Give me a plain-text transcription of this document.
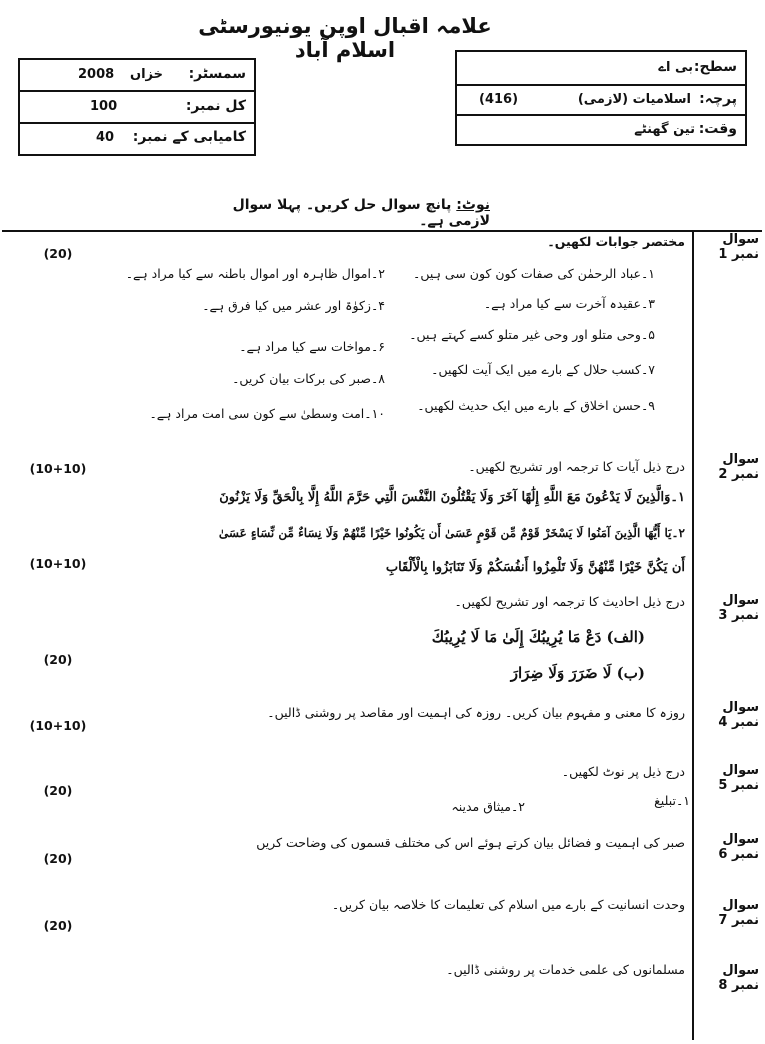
علامہ اقبال اوپن یونیورسٹی اسلام آباد
سمسٹر:
خزاں
2008
کل نمبر:
100
کامیابی کے نمبر:
40
سطح:
بی اے
پرچہ:
اسلامیات (لازمی)
(416)
وقت:
تین گھنٹے
نوٹ: پانچ سوال حل کریں۔ پہلا سوال لازمی ہے۔
سوال نمبر 1
(20)
مختصر جوابات لکھیں۔
۱۔عباد الرحمٰن کی صفات کون کون سی ہیں۔
۳۔عقیدہ آخرت سے کیا مراد ہے۔
۵۔وحی متلو اور وحی غیر متلو کسے کہتے ہیں۔
۷۔کسب حلال کے بارے میں ایک آیت لکھیں۔
۹۔حسن اخلاق کے بارے میں ایک حدیث لکھیں۔
۲۔اموال ظاہرہ اور اموال باطنہ سے کیا مراد ہے۔
۴۔زکوٰۃ اور عشر میں کیا فرق ہے۔
۶۔مواخات سے کیا مراد ہے۔
۸۔صبر کی برکات بیان کریں۔
۱۰۔امت وسطیٰ سے کون سی امت مراد ہے۔
سوال نمبر 2
(10+10)	درج ذیل آیات کا ترجمہ اور تشریح لکھیں۔
۱۔وَالَّذِينَ لَا يَدْعُونَ مَعَ اللَّهِ إِلَٰهًا آخَرَ وَلَا يَقْتُلُونَ النَّفْسَ الَّتِي حَرَّمَ اللَّهُ إِلَّا بِالْحَقِّ وَلَا يَزْنُونَ
۲۔يَا أَيُّهَا الَّذِينَ آمَنُوا لَا يَسْخَرْ قَوْمٌ مِّن قَوْمٍ عَسَىٰ أَن يَكُونُوا خَيْرًا مِّنْهُمْ وَلَا نِسَاءٌ مِّن نِّسَاءٍ عَسَىٰ
(10+10)	أَن يَكُنَّ خَيْرًا مِّنْهُنَّ وَلَا تَلْمِزُوا أَنفُسَكُمْ وَلَا تَنَابَزُوا بِالْأَلْقَابِ
سوال نمبر 3
درج ذیل احادیث کا ترجمہ اور تشریح لکھیں۔
(الف) دَعْ مَا يُرِيبُكَ إِلَىٰ مَا لَا يُرِيبُكَ
(20)
(ب) لَا ضَرَرَ وَلَا ضِرَارَ
سوال نمبر 4
روزہ کا معنی و مفہوم بیان کریں۔ روزہ کی اہمیت اور مقاصد پر روشنی ڈالیں۔
(10+10)
سوال نمبر 5
درج ذیل پر نوٹ لکھیں۔
(20)
۱۔تبلیغ
۲۔میثاق مدینہ
سوال نمبر 6
صبر کی اہمیت و فضائل بیان کرتے ہوئے اس کی مختلف قسموں کی وضاحت کریں
(20)
سوال نمبر 7
وحدت انسانیت کے بارے میں اسلام کی تعلیمات کا خلاصہ بیان کریں۔
(20)
سوال نمبر 8
مسلمانوں کی علمی خدمات پر روشنی ڈالیں۔
